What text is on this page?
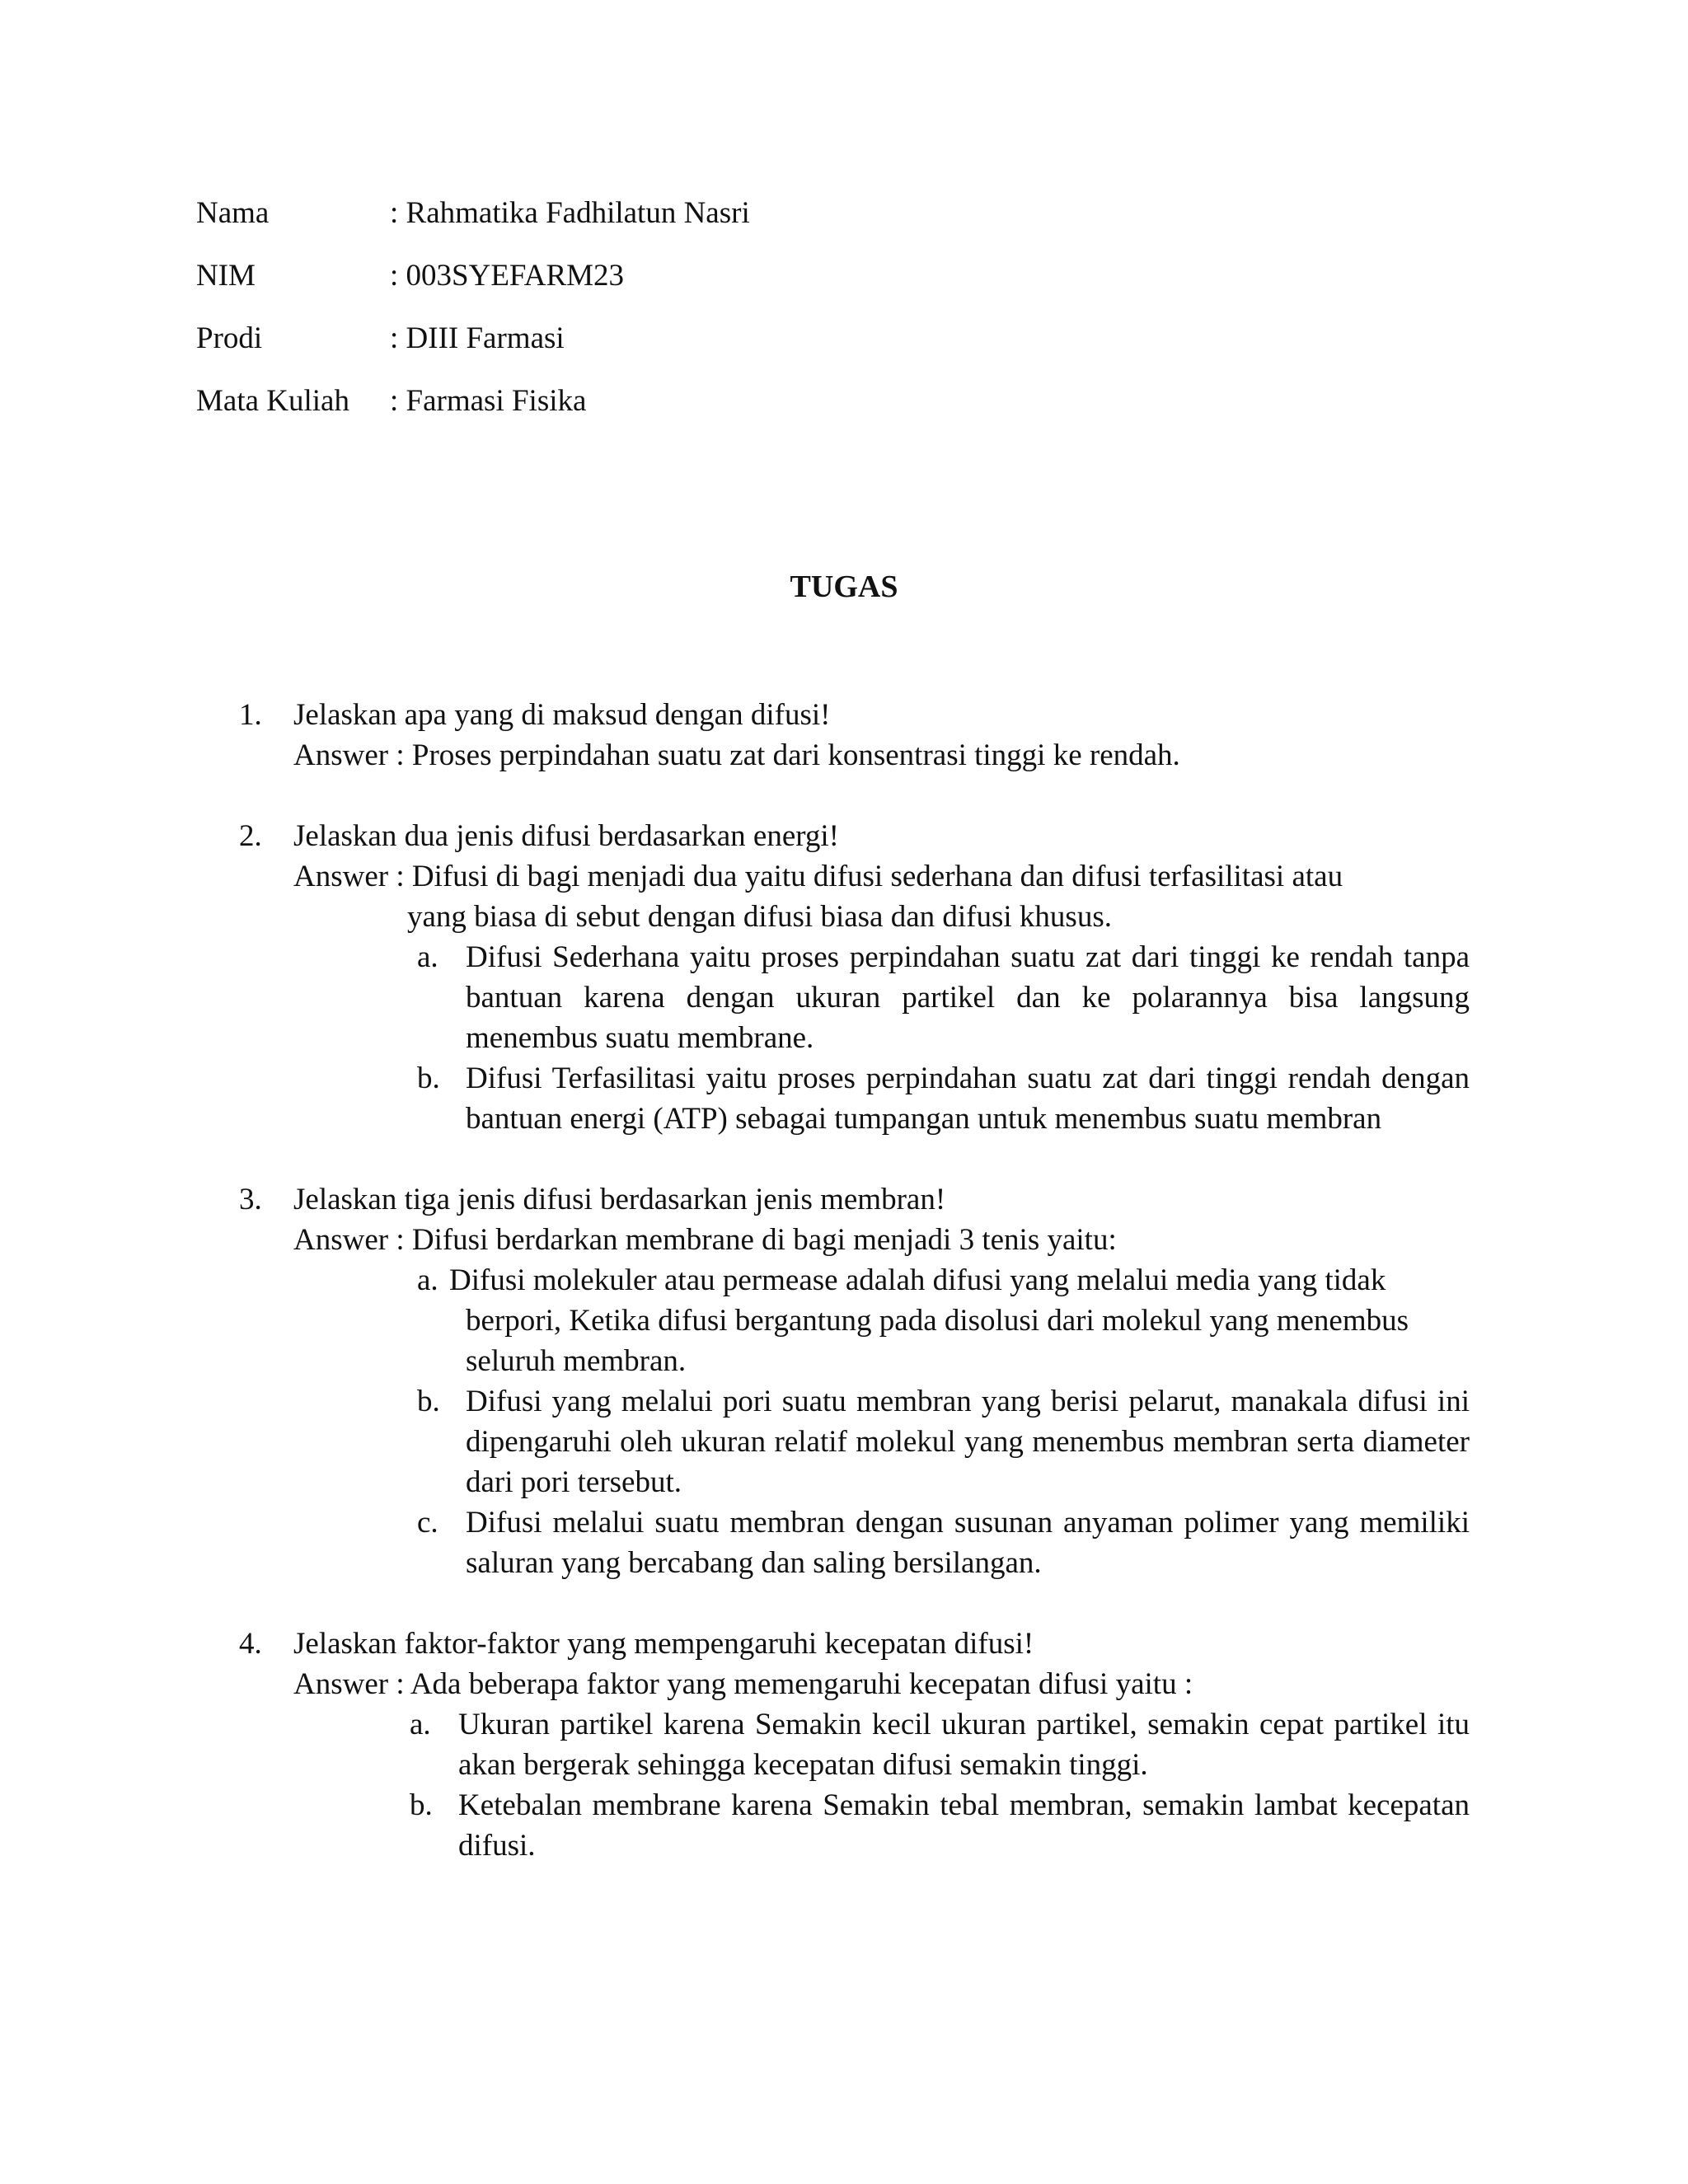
Nama	: Rahmatika Fadhilatun Nasri
NIM	: 003SYEFARM23
Prodi	: DIII Farmasi
Mata Kuliah : Farmasi Fisika
TUGAS
1. Jelaskan apa yang di maksud dengan difusi!
Answer : Proses perpindahan suatu zat dari konsentrasi tinggi ke rendah.
2. Jelaskan dua jenis difusi berdasarkan energi!
Answer : Difusi di bagi menjadi dua yaitu difusi sederhana dan difusi terfasilitasi atau
yang biasa di sebut dengan difusi biasa dan difusi khusus.
a. Difusi Sederhana yaitu proses perpindahan suatu zat dari tinggi ke rendah tanpa bantuan karena dengan ukuran partikel dan ke polarannya bisa langsung menembus suatu membrane.
b. Difusi Terfasilitasi yaitu proses perpindahan suatu zat dari tinggi rendah dengan bantuan energi (ATP) sebagai tumpangan untuk menembus suatu membran
3. Jelaskan tiga jenis difusi berdasarkan jenis membran!
Answer : Difusi berdarkan membrane di bagi menjadi 3 tenis yaitu:
a. Difusi molekuler atau permease adalah difusi yang melalui media yang tidak berpori, Ketika difusi bergantung pada disolusi dari molekul yang menembus seluruh membran.
b. Difusi yang melalui pori suatu membran yang berisi pelarut, manakala difusi ini dipengaruhi oleh ukuran relatif molekul yang menembus membran serta diameter dari pori tersebut.
c. Difusi melalui suatu membran dengan susunan anyaman polimer yang memiliki saluran yang bercabang dan saling bersilangan.
4. Jelaskan faktor-faktor yang mempengaruhi kecepatan difusi!
Answer : Ada beberapa faktor yang memengaruhi kecepatan difusi yaitu :
a. Ukuran partikel karena Semakin kecil ukuran partikel, semakin cepat partikel itu akan bergerak sehingga kecepatan difusi semakin tinggi.
b. Ketebalan membrane karena Semakin tebal membran, semakin lambat kecepatan difusi.
